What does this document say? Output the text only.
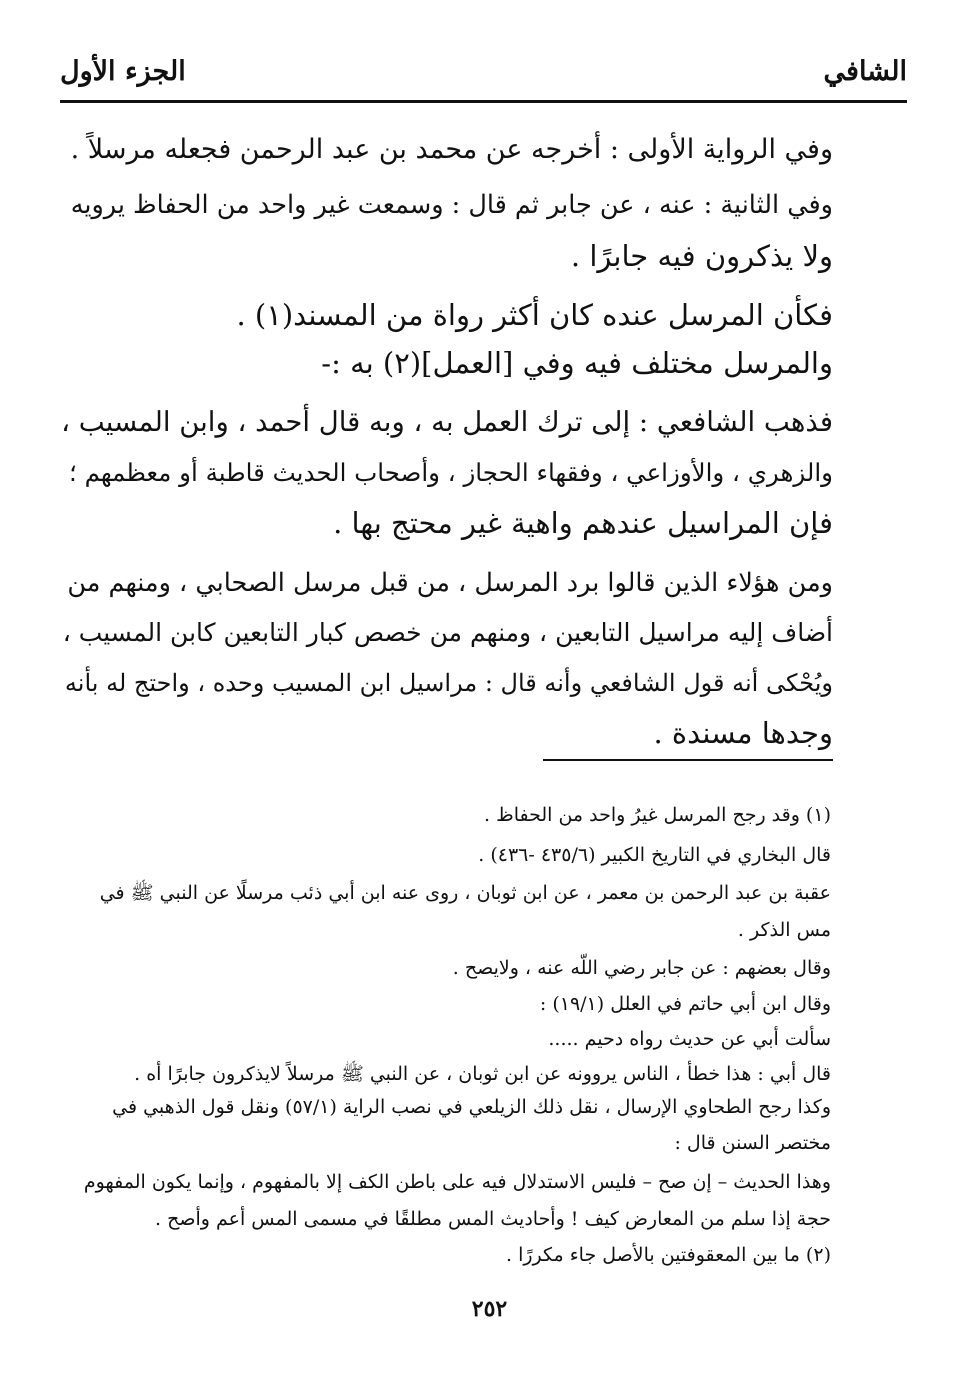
الشافي
الجزء الأول
وفي الرواية الأولى : أخرجه عن محمد بن عبد الرحمن فجعله مرسلاً .
وفي الثانية : عنه ، عن جابر ثم قال : وسمعت غير واحد من الحفاظ يرويه
ولا يذكرون فيه جابرًا .
فكأن المرسل عنده كان أكثر رواة من المسند(١) .
والمرسل مختلف فيه وفي [العمل](٢) به :-
فذهب الشافعي : إلى ترك العمل به ، وبه قال أحمد ، وابن المسيب ،
والزهري ، والأوزاعي ، وفقهاء الحجاز ، وأصحاب الحديث قاطبة أو معظمهم ؛
فإن المراسيل عندهم واهية غير محتج بها .
ومن هؤلاء الذين قالوا برد المرسل ، من قبل مرسل الصحابي ، ومنهم من
أضاف إليه مراسيل التابعين ، ومنهم من خصص كبار التابعين كابن المسيب ،
ويُحْكى أنه قول الشافعي وأنه قال : مراسيل ابن المسيب وحده ، واحتج له بأنه
وجدها مسندة .
(١) وقد رجح المرسل غيرُ واحد من الحفاظ .
قال البخاري في التاريخ الكبير (٤٣٥/٦ -٤٣٦) .
عقبة بن عبد الرحمن بن معمر ، عن ابن ثوبان ، روى عنه ابن أبي ذئب مرسلًا عن النبي ﷺ في
مس الذكر .
وقال بعضهم : عن جابر رضي اللّه عنه ، ولايصح .
وقال ابن أبي حاتم في العلل (١٩/١) :
سألت أبي عن حديث رواه دحيم .....
قال أبي : هذا خطأ ، الناس يروونه عن ابن ثوبان ، عن النبي ﷺ مرسلاً لايذكرون جابرًا أه .
وكذا رجح الطحاوي الإرسال ، نقل ذلك الزيلعي في نصب الراية (٥٧/١) ونقل قول الذهبي في
مختصر السنن قال :
وهذا الحديث – إن صح – فليس الاستدلال فيه على باطن الكف إلا بالمفهوم ، وإنما يكون المفهوم
حجة إذا سلم من المعارض كيف ! وأحاديث المس مطلقًا في مسمى المس أعم وأصح .
(٢) ما بين المعقوفتين بالأصل جاء مكررًا .
٢٥٢
